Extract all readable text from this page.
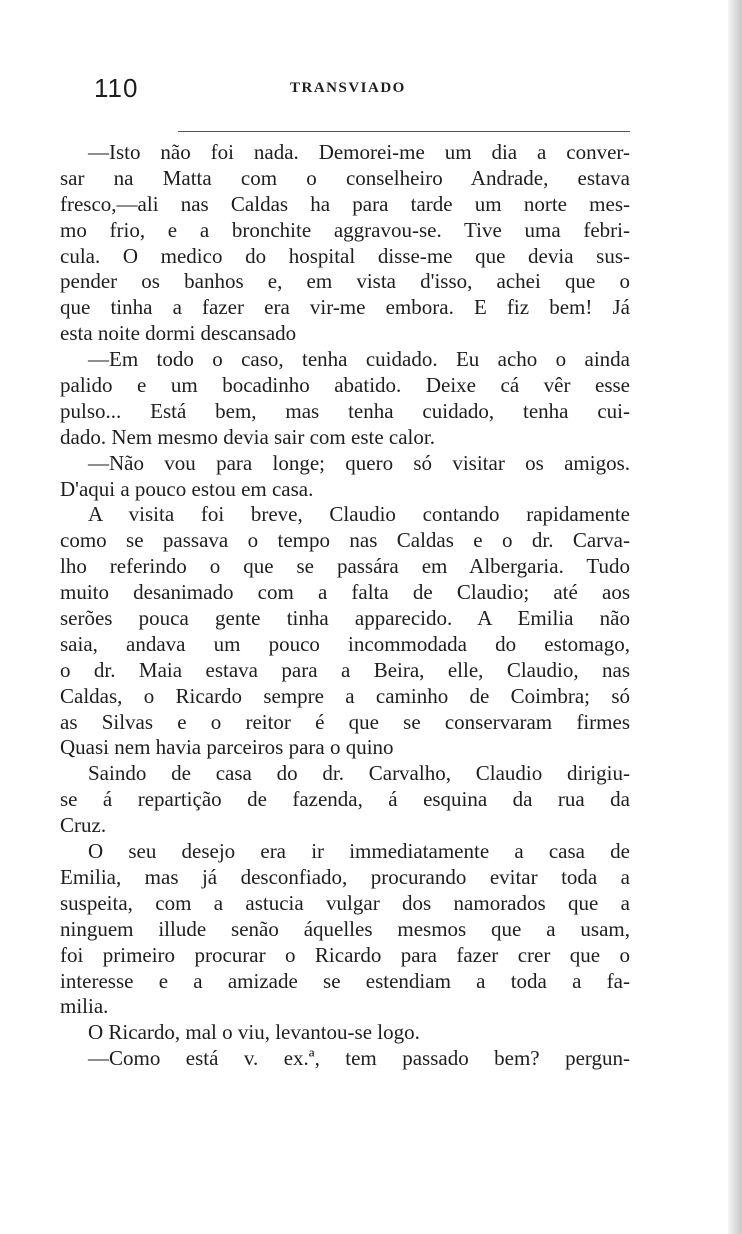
110	TRANSVIADO
—Isto não foi nada. Demorei-me um dia a conver-
sar na Matta com o conselheiro Andrade, estava
fresco,—ali nas Caldas ha para tarde um norte mes-
mo frio, e a bronchite aggravou-se. Tive uma febri-
cula. O medico do hospital disse-me que devia sus-
pender os banhos e, em vista d'isso, achei que o
que tinha a fazer era vir-me embora. E fiz bem! Já
esta noite dormi descansado
—Em todo o caso, tenha cuidado. Eu acho o ainda
palido e um bocadinho abatido. Deixe cá vêr esse
pulso... Está bem, mas tenha cuidado, tenha cui-
dado. Nem mesmo devia sair com este calor.
—Não vou para longe; quero só visitar os amigos.
D'aqui a pouco estou em casa.
A visita foi breve, Claudio contando rapidamente
como se passava o tempo nas Caldas e o dr. Carva-
lho referindo o que se passára em Albergaria. Tudo
muito desanimado com a falta de Claudio; até aos
serões pouca gente tinha apparecido. A Emilia não
saia, andava um pouco incommodada do estomago,
o dr. Maia estava para a Beira, elle, Claudio, nas
Caldas, o Ricardo sempre a caminho de Coimbra; só
as Silvas e o reitor é que se conservaram firmes
Quasi nem havia parceiros para o quino
Saindo de casa do dr. Carvalho, Claudio dirigiu-
se á repartição de fazenda, á esquina da rua da
Cruz.
O seu desejo era ir immediatamente a casa de
Emilia, mas já desconfiado, procurando evitar toda a
suspeita, com a astucia vulgar dos namorados que a
ninguem illude senão áquelles mesmos que a usam,
foi primeiro procurar o Ricardo para fazer crer que o
interesse e a amizade se estendiam a toda a fa-
milia.
O Ricardo, mal o viu, levantou-se logo.
—Como está v. ex.ª, tem passado bem? pergun-
